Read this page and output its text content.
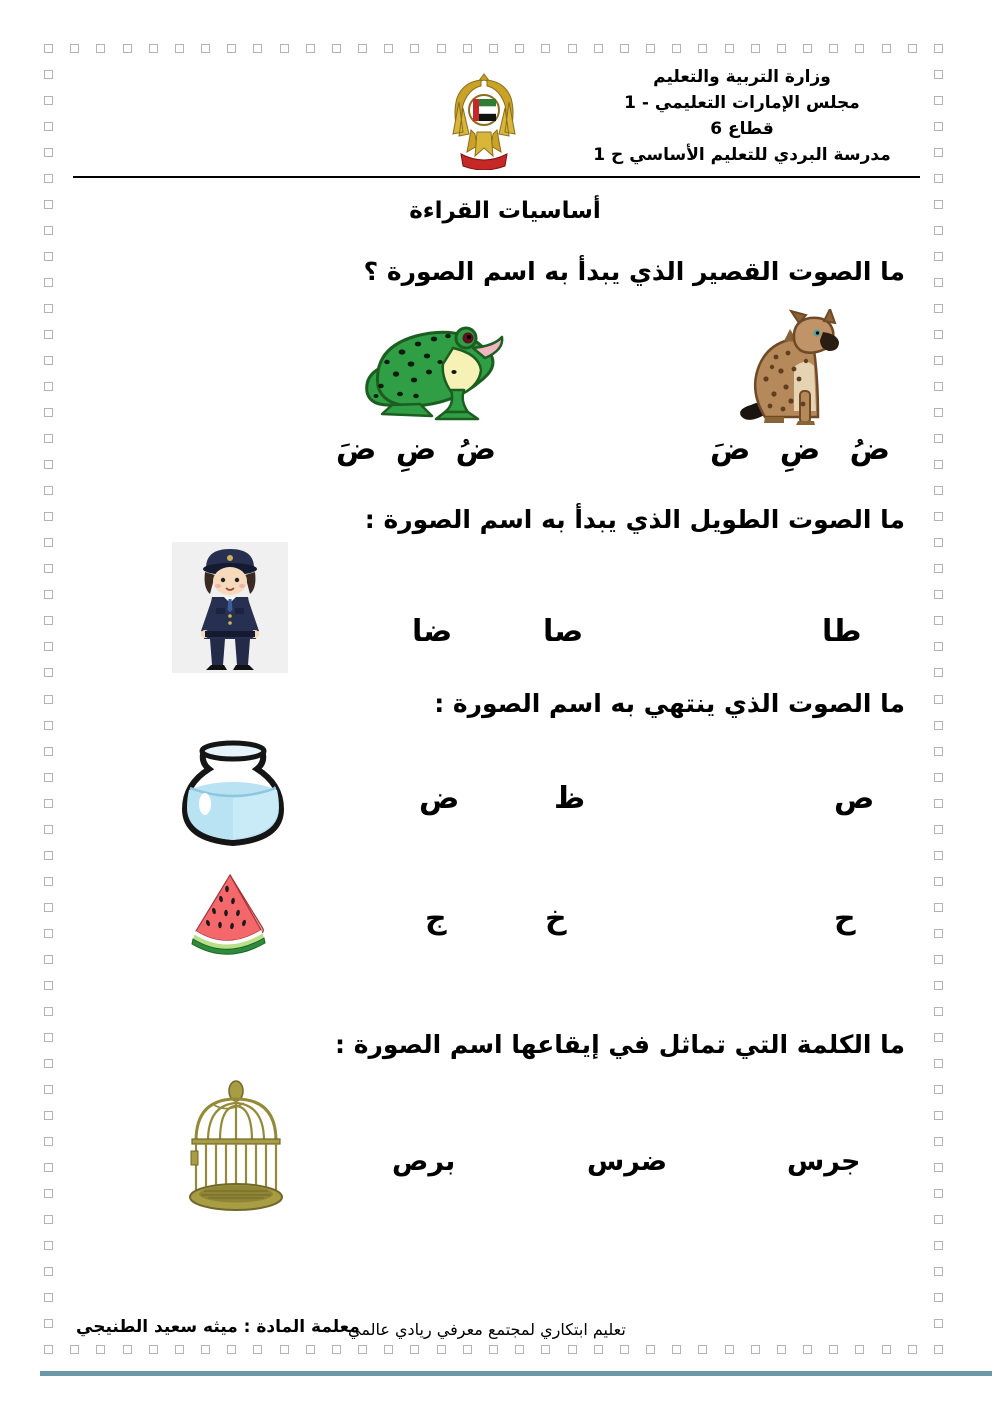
وزارة التربية والتعليم
مجلس الإمارات التعليمي - 1
قطاع 6
مدرسة البردي للتعليم الأساسي ح 1
أساسيات القراءة
ما الصوت القصير الذي يبدأ به اسم الصورة ؟
ضُ
ضِ
ضَ
ضُ
ضِ
ضَ
ما الصوت الطويل الذي يبدأ به اسم الصورة :
طا
صا
ضا
ما الصوت الذي ينتهي به اسم الصورة :
ص
ظ
ض
ح
خ
ج
ما الكلمة التي تماثل في إيقاعها اسم الصورة :
جرس
ضرس
برص
معلمة المادة : ميثه سعيد الطنيجي
تعليم ابتكاري لمجتمع معرفي ريادي عالمي
